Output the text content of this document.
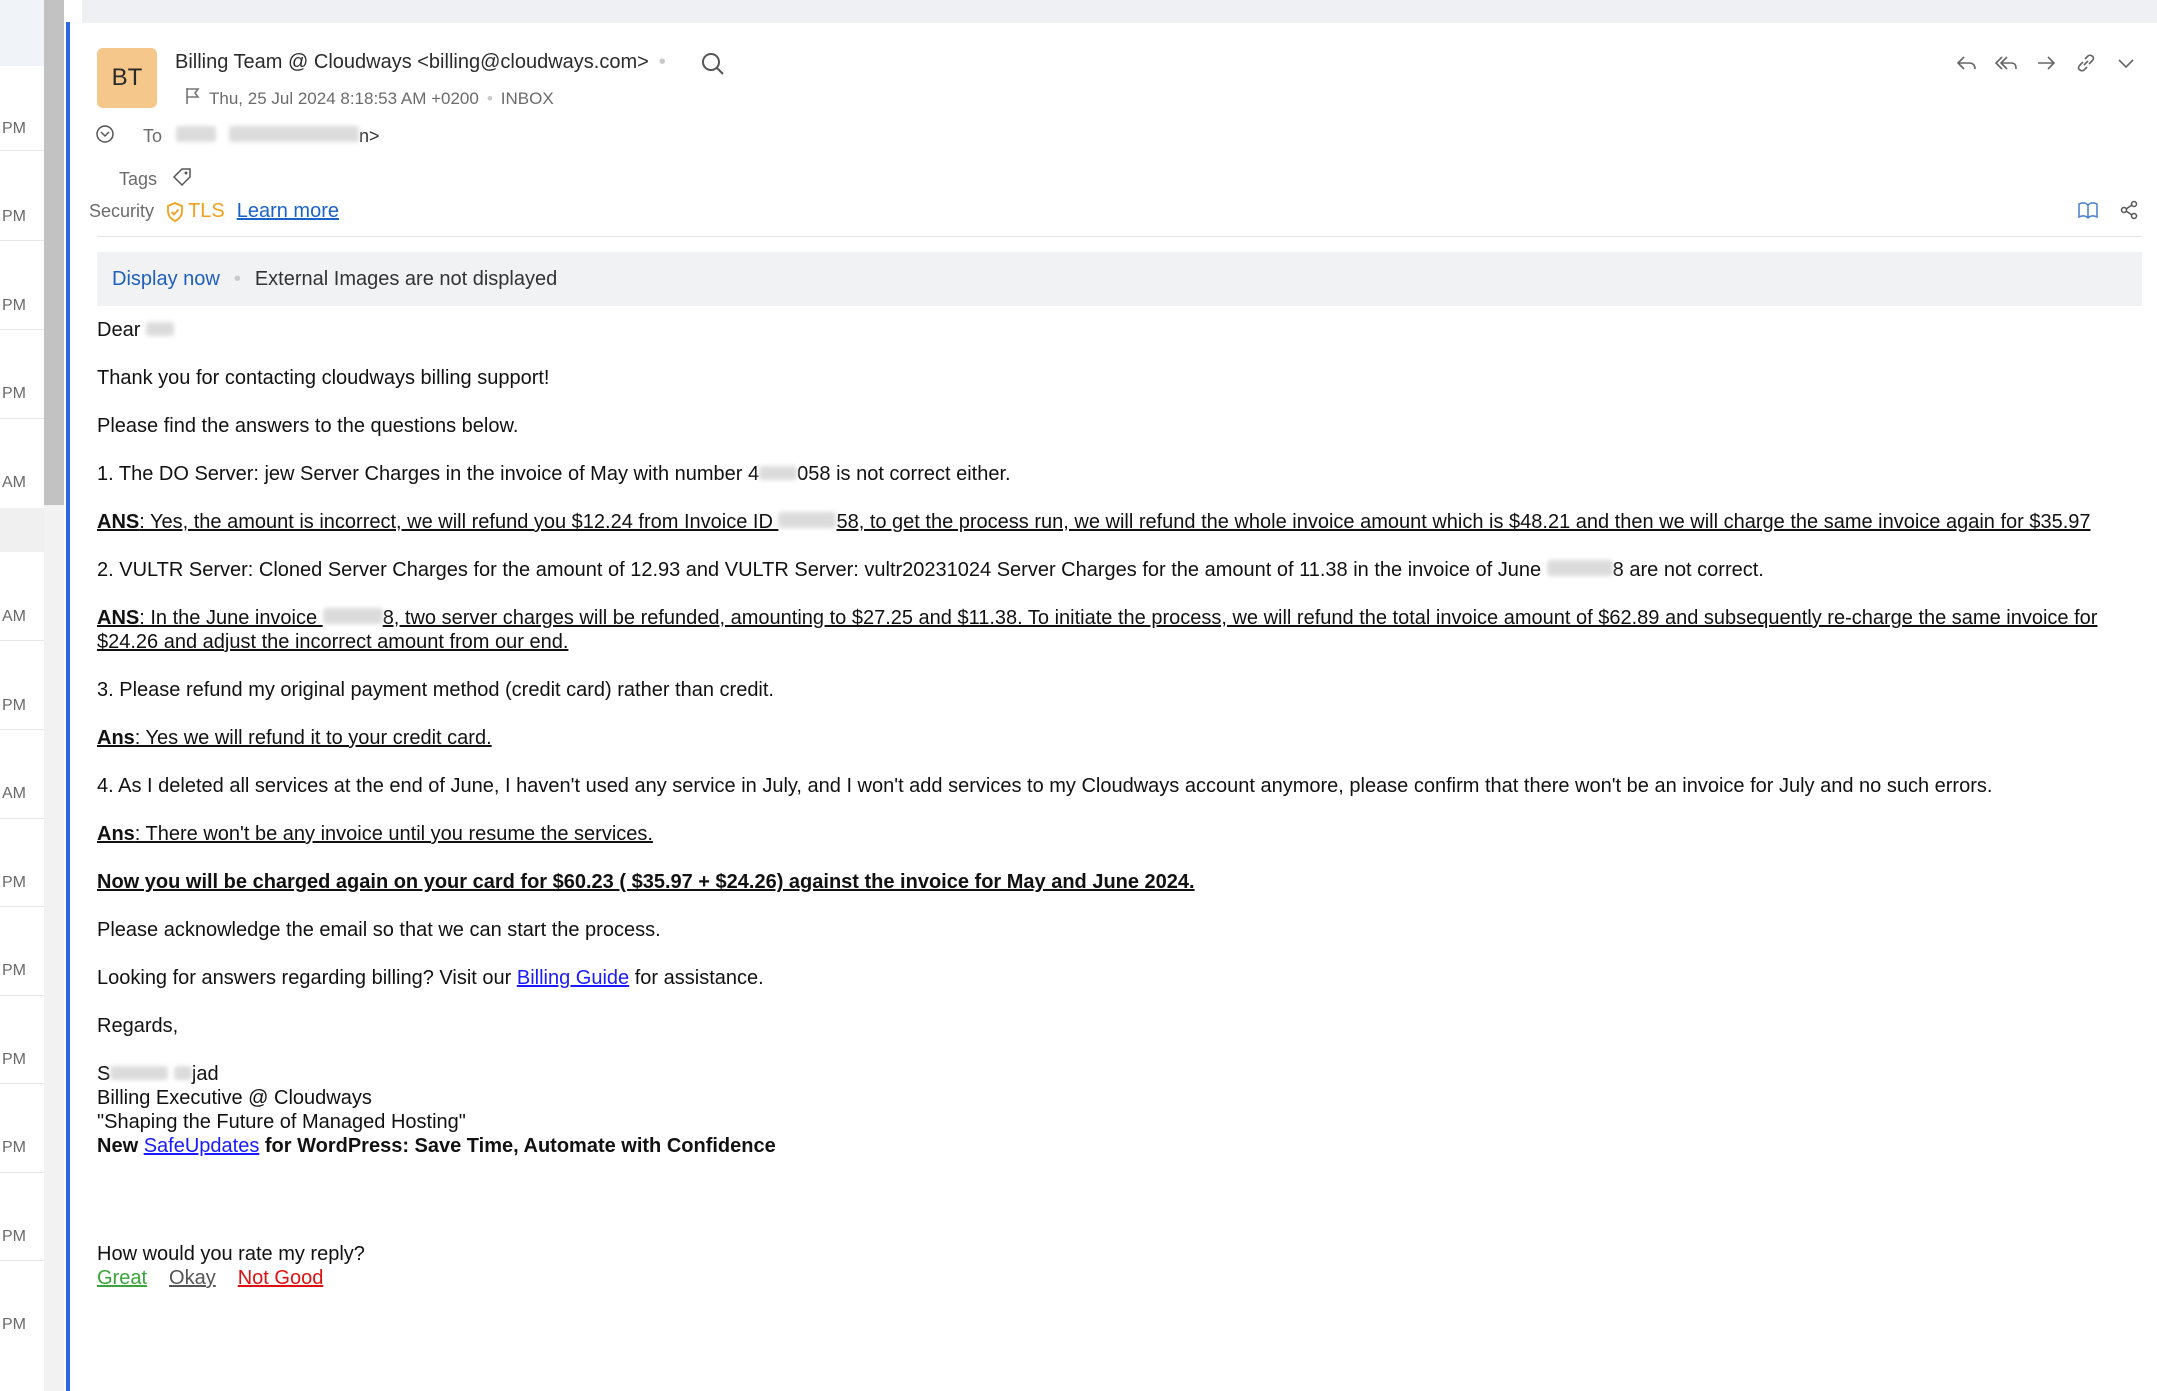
PM
PM
PM
PM
AM
AM
PM
AM
PM
PM
PM
PM
PM
PM
BT
Billing Team @ Cloudways <billing@cloudways.com> •
Thu, 25 Jul 2024 8:18:53 AM +0200 • INBOX
To	n>
Tags
Security TLS Learn more
Display now • External Images are not displayed

Dear

Thank you for contacting cloudways billing support!

Please find the answers to the questions below.

1. The DO Server: jew Server Charges in the invoice of May with number 4 058 is not correct either.

ANS: Yes, the amount is incorrect, we will refund you $12.24 from Invoice ID	58, to get the process run, we will refund the whole invoice amount which is $48.21 and then we will charge the same invoice again for $35.97

2. VULTR Server: Cloned Server Charges for the amount of 12.93 and VULTR Server: vultr20231024 Server Charges for the amount of 11.38 in the invoice of June	8 are not correct.

ANS: In the June invoice	8, two server charges will be refunded, amounting to $27.25 and $11.38. To initiate the process, we will refund the total invoice amount of $62.89 and subsequently re-charge the same invoice for $24.26 and adjust the incorrect amount from our end.

3. Please refund my original payment method (credit card) rather than credit.

Ans: Yes we will refund it to your credit card.

4. As I deleted all services at the end of June, I haven't used any service in July, and I won't add services to my Cloudways account anymore, please confirm that there won't be an invoice for July and no such errors.

Ans: There won't be any invoice until you resume the services.

Now you will be charged again on your card for $60.23 ( $35.97 + $24.26) against the invoice for May and June 2024.

Please acknowledge the email so that we can start the process.

Looking for answers regarding billing? Visit our Billing Guide for assistance.

Regards,

S	jad

Billing Executive @ Cloudways

"Shaping the Future of Managed Hosting"

New SafeUpdates for WordPress: Save Time, Automate with Confidence

How would you rate my reply?

Great Okay Not Good
